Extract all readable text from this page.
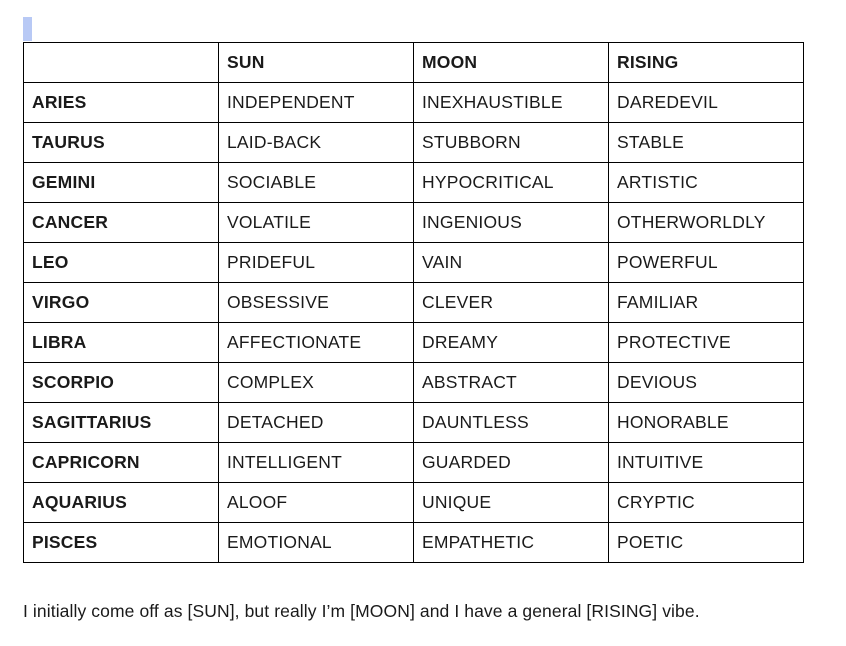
	SUN	MOON	RISING
ARIES	INDEPENDENT	INEXHAUSTIBLE	DAREDEVIL
TAURUS	LAID-BACK	STUBBORN	STABLE
GEMINI	SOCIABLE	HYPOCRITICAL	ARTISTIC
CANCER	VOLATILE	INGENIOUS	OTHERWORLDLY
LEO	PRIDEFUL	VAIN	POWERFUL
VIRGO	OBSESSIVE	CLEVER	FAMILIAR
LIBRA	AFFECTIONATE	DREAMY	PROTECTIVE
SCORPIO	COMPLEX	ABSTRACT	DEVIOUS
SAGITTARIUS	DETACHED	DAUNTLESS	HONORABLE
CAPRICORN	INTELLIGENT	GUARDED	INTUITIVE
AQUARIUS	ALOOF	UNIQUE	CRYPTIC
PISCES	EMOTIONAL	EMPATHETIC	POETIC

I initially come off as [SUN], but really I’m [MOON] and I have a general [RISING] vibe.
